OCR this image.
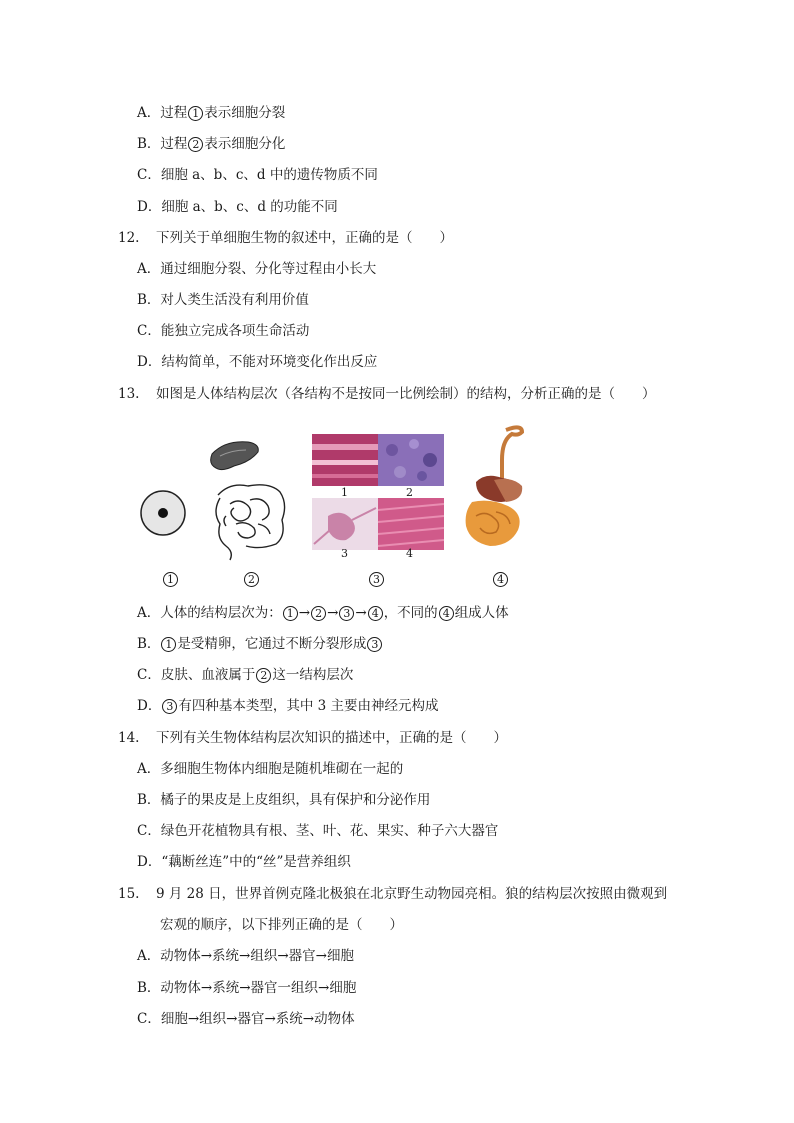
A．过程 1 表示细胞分裂
B．过程 2 表示细胞分化
C．细胞 a、b、c、d 中的遗传物质不同
D．细胞 a、b、c、d 的功能不同
12. 下列关于单细胞生物的叙述中，正确的是（　　）
A．通过细胞分裂、分化等过程由小长大
B．对人类生活没有利用价值
C．能独立完成各项生命活动
D．结构简单，不能对环境变化作出反应
13. 如图是人体结构层次（各结构不是按同一比例绘制）的结构，分析正确的是（　　）
1	2
3	4
1	2	3	4
A．人体的结构层次为： 1 → 2 → 3 → 4 ，不同的 4 组成人体
B． 1 是受精卵，它通过不断分裂形成 3
C．皮肤、血液属于 2 这一结构层次
D． 3 有四种基本类型，其中 3 主要由神经元构成
14. 下列有关生物体结构层次知识的描述中，正确的是（　　）
A．多细胞生物体内细胞是随机堆砌在一起的
B．橘子的果皮是上皮组织，具有保护和分泌作用
C．绿色开花植物具有根、茎、叶、花、果实、种子六大器官
D．“藕断丝连”中的“丝”是营养组织
15. 9 月 28 日，世界首例克隆北极狼在北京野生动物园亮相。狼的结构层次按照由微观到
宏观的顺序，以下排列正确的是（　　）
A．动物体→系统→组织→器官→细胞
B．动物体→系统→器官一组织→细胞
C．细胞→组织→器官→系统→动物体
